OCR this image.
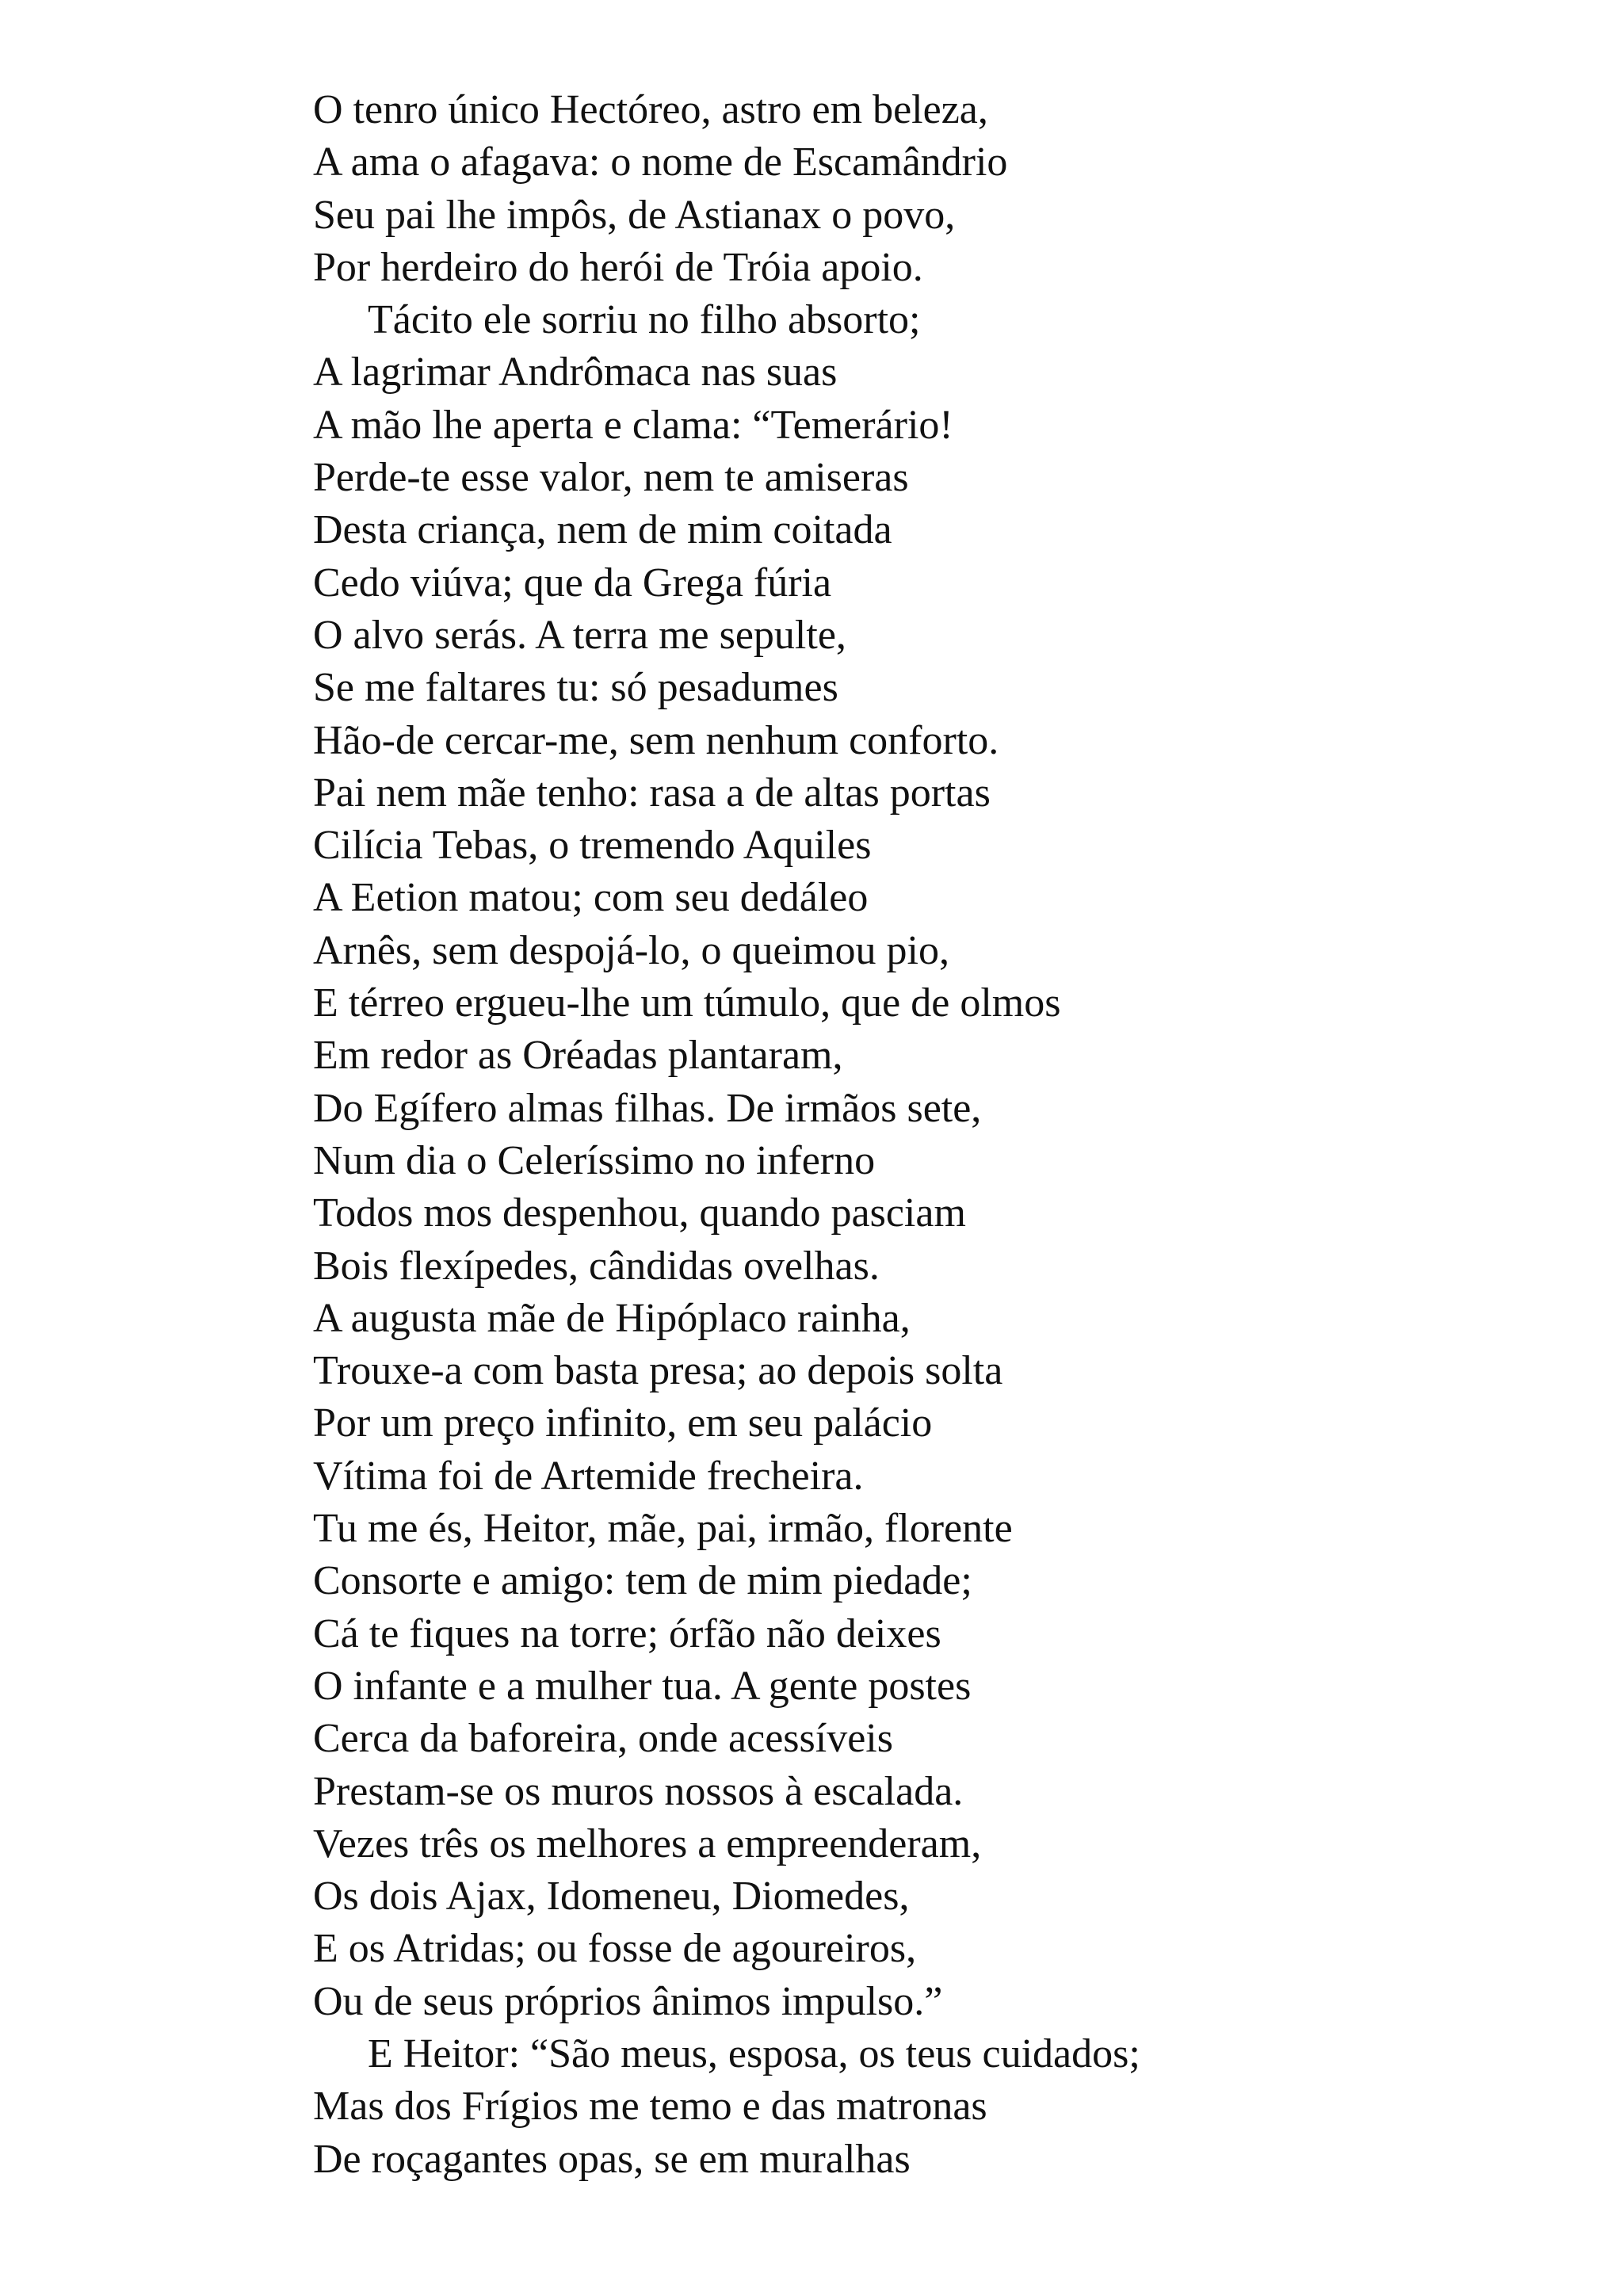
O tenro único Hectóreo, astro em beleza,
A ama o afagava: o nome de Escamândrio
Seu pai lhe impôs, de Astianax o povo,
Por herdeiro do herói de Tróia apoio.
Tácito ele sorriu no filho absorto;
A lagrimar Andrômaca nas suas
A mão lhe aperta e clama: “Temerário!
Perde-te esse valor, nem te amiseras
Desta criança, nem de mim coitada
Cedo viúva; que da Grega fúria
O alvo serás. A terra me sepulte,
Se me faltares tu: só pesadumes
Hão-de cercar-me, sem nenhum conforto.
Pai nem mãe tenho: rasa a de altas portas
Cilícia Tebas, o tremendo Aquiles
A Eetion matou; com seu dedáleo
Arnês, sem despojá-lo, o queimou pio,
E térreo ergueu-lhe um túmulo, que de olmos
Em redor as Oréadas plantaram,
Do Egífero almas filhas. De irmãos sete,
Num dia o Celeríssimo no inferno
Todos mos despenhou, quando pasciam
Bois flexípedes, cândidas ovelhas.
A augusta mãe de Hipóplaco rainha,
Trouxe-a com basta presa; ao depois solta
Por um preço infinito, em seu palácio
Vítima foi de Artemide frecheira.
Tu me és, Heitor, mãe, pai, irmão, florente
Consorte e amigo: tem de mim piedade;
Cá te fiques na torre; órfão não deixes
O infante e a mulher tua. A gente postes
Cerca da baforeira, onde acessíveis
Prestam-se os muros nossos à escalada.
Vezes três os melhores a empreenderam,
Os dois Ajax, Idomeneu, Diomedes,
E os Atridas; ou fosse de agoureiros,
Ou de seus próprios ânimos impulso.”
E Heitor: “São meus, esposa, os teus cuidados;
Mas dos Frígios me temo e das matronas
De roçagantes opas, se em muralhas
